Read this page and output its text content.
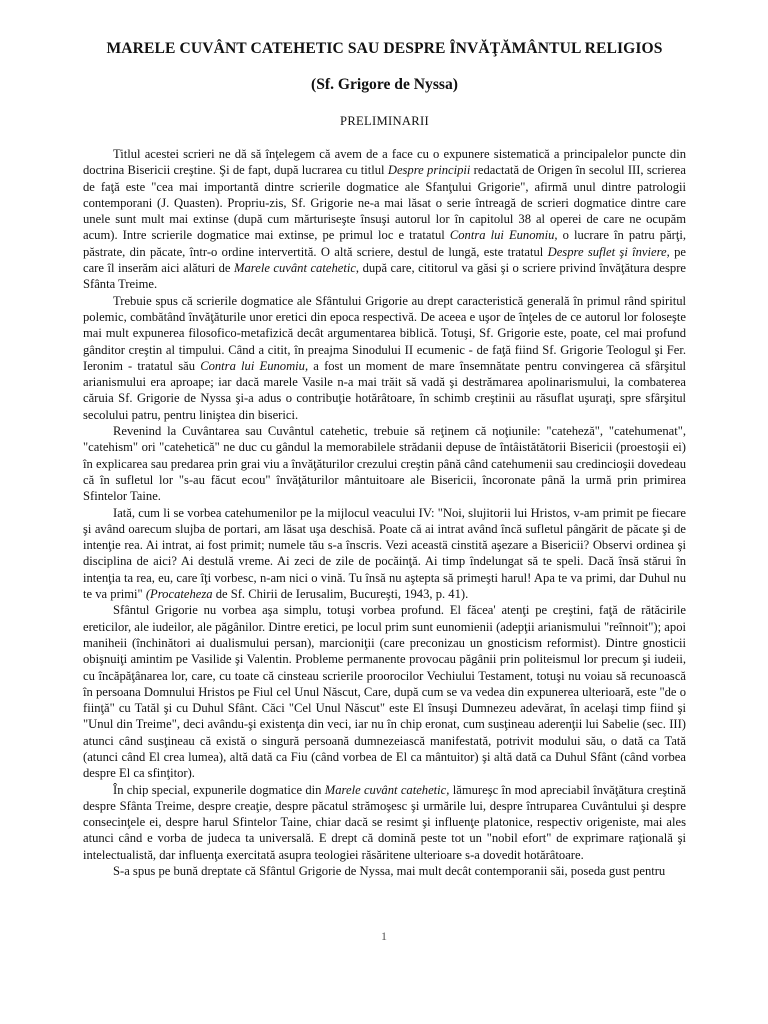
MARELE CUVÂNT CATEHETIC SAU DESPRE ÎNVĂŢĂMÂNTUL RELIGIOS
(Sf. Grigore de Nyssa)
PRELIMINARII

Titlul acestei scrieri ne dă să înţelegem că avem de a face cu o expunere sistematică a principalelor puncte din doctrina Bisericii creştine. Şi de fapt, după lucrarea cu titlul Despre principii redactată de Origen în secolul III, scrierea de faţă este "cea mai importantă dintre scrierile dogmatice ale Sfanţului Grigorie", afirmă unul dintre patrologii contemporani (J. Quasten). Propriu-zis, Sf. Grigorie ne-a mai lăsat o serie întreagă de scrieri dogmatice dintre care unele sunt mult mai extinse (după cum mărturiseşte însuşi autorul lor în capitolul 38 al operei de care ne ocupăm acum). Intre scrierile dogmatice mai extinse, pe primul loc e tratatul Contra lui Eunomiu, o lucrare în patru părţi, păstrate, din păcate, într-o ordine intervertită. O altă scriere, destul de lungă, este tratatul Despre suflet şi înviere, pe care îl inserăm aici alături de Marele cuvânt catehetic, după care, cititorul va găsi şi o scriere privind învăţătura despre Sfânta Treime.

Trebuie spus că scrierile dogmatice ale Sfântului Grigorie au drept caracteristică generală în primul rând spiritul polemic, combătând învăţăturile unor eretici din epoca respectivă. De aceea e uşor de înţeles de ce autorul lor foloseşte mai mult expunerea filosofico-metafizică decât argumentarea biblică. Totuşi, Sf. Grigorie este, poate, cel mai profund gânditor creştin al timpului. Când a citit, în preajma Sinodului II ecumenic - de faţă fiind Sf. Grigorie Teologul şi Fer. Ieronim - tratatul său Contra lui Eunomiu, a fost un moment de mare însemnătate pentru convingerea că sfârşitul arianismului era aproape; iar dacă marele Vasile n-a mai trăit să vadă şi destrămarea apolinarismului, la combaterea căruia Sf. Grigorie de Nyssa şi-a adus o contribuţie hotărâtoare, în schimb creştinii au răsuflat uşuraţi, spre sfârşitul secolului patru, pentru liniştea din biserici.

Revenind la Cuvântarea sau Cuvântul catehetic, trebuie să reţinem că noţiunile: "cateheză", "catehumenat", "catehism" ori "catehetică" ne duc cu gândul la memorabilele strădanii depuse de întâistătătorii Bisericii (proestoşii ei) în explicarea sau predarea prin grai viu a învăţăturilor crezului creştin până când catehumenii sau credincioşii dovedeau că în sufletul lor "s-au făcut ecou" învăţăturilor mântuitoare ale Bisericii, încoronate până la urmă prin primirea Sfintelor Taine.

Iată, cum li se vorbea catehumenilor pe la mijlocul veacului IV: "Noi, slujitorii lui Hristos, v-am primit pe fiecare şi având oarecum slujba de portari, am lăsat uşa deschisă. Poate că ai intrat având încă sufletul pângărit de păcate şi de intenţie rea. Ai intrat, ai fost primit; numele tău s-a înscris. Vezi aceastä cinstită aşezare a Bisericii? Observi ordinea şi disciplina de aici? Ai destulă vreme. Ai zeci de zile de pocăinţă. Ai timp îndelungat să te speli. Dacă însă stărui în intenţia ta rea, eu, care îţi vorbesc, n-am nici o vină. Tu însă nu aştepta să primeşti harul! Apa te va primi, dar Duhul nu te va primi" (Procateheza de Sf. Chirii de Ierusalim, Bucureşti, 1943, p. 41).

Sfântul Grigorie nu vorbea aşa simplu, totuşi vorbea profund. El făcea' atenţi pe creştini, faţă de rătăcirile ereticilor, ale iudeilor, ale păgânilor. Dintre eretici, pe locul prim sunt eunomienii (adepţii arianismului "reînnoit"); apoi maniheii (închinători ai dualismului persan), marcioniţii (care preconizau un gnosticism reformist). Dintre gnosticii obişnuiţi amintim pe Vasilide şi Valentin. Probleme permanente provocau păgânii prin politeismul lor precum şi iudeii, cu încăpăţânarea lor, care, cu toate că cinsteau scrierile proorocilor Vechiului Testament, totuşi nu voiau să recunoască în persoana Domnului Hristos pe Fiul cel Unul Născut, Care, după cum se va vedea din expunerea ulterioară, este "de o fiinţă" cu Tatăl şi cu Duhul Sfânt. Căci "Cel Unul Născut" este El însuşi Dumnezeu adevărat, în acelaşi timp fiind şi "Unul din Treime", deci avându-şi existenţa din veci, iar nu în chip eronat, cum susţineau aderenţii lui Sabelie (sec. III) atunci când susţineau că există o singură persoană dumnezeiască manifestată, potrivit modului său, o dată ca Tată (atunci când El crea lumea), altă dată ca Fiu (când vorbea de El ca mântuitor) şi altă dată ca Duhul Sfânt (când vorbea despre El ca sfinţitor).

În chip special, expunerile dogmatice din Marele cuvânt catehetic, lămureşc în mod apreciabil învăţătura creştină despre Sfânta Treime, despre creaţie, despre păcatul strămoşesc şi urmările lui, despre întruparea Cuvântului şi despre consecinţele ei, despre harul Sfintelor Taine, chiar dacă se resimt şi influenţe platonice, respectiv origeniste, mai ales atunci când e vorba de judeca ta universală. E drept că domină peste tot un "nobil efort" de exprimare raţională şi intelectualistă, dar influenţa exercitată asupra teologiei răsăritene ulterioare s-a dovedit hotărâtoare.

S-a spus pe bună dreptate că Sfântul Grigorie de Nyssa, mai mult decât contemporanii săi, poseda gust pentru

1
